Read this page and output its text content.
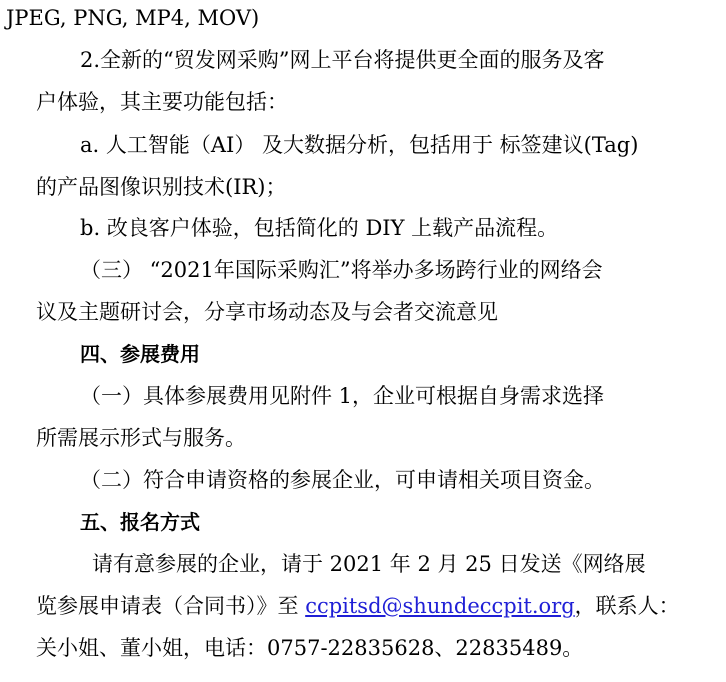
JPEG, PNG, MP4, MOV)
2.全新的“贸发网采购”网上平台将提供更全面的服务及客
户体验，其主要功能包括：
a. 人工智能（AI） 及大数据分析，包括用于 标签建议(Tag)
的产品图像识别技术(IR)；
b. 改良客户体验，包括简化的 DIY 上载产品流程。
（三） “2021年国际采购汇”将举办多场跨行业的网络会
议及主题研讨会，分享市场动态及与会者交流意见
四、参展费用
（一）具体参展费用见附件 1，企业可根据自身需求选择
所需展示形式与服务。
（二）符合申请资格的参展企业，可申请相关项目资金。
五、报名方式
请有意参展的企业，请于 2021 年 2 月 25 日发送《网络展
览参展申请表（合同书）》至 ccpitsd@shundeccpit.org，联系人：
关小姐、董小姐，电话：0757-22835628、22835489。
